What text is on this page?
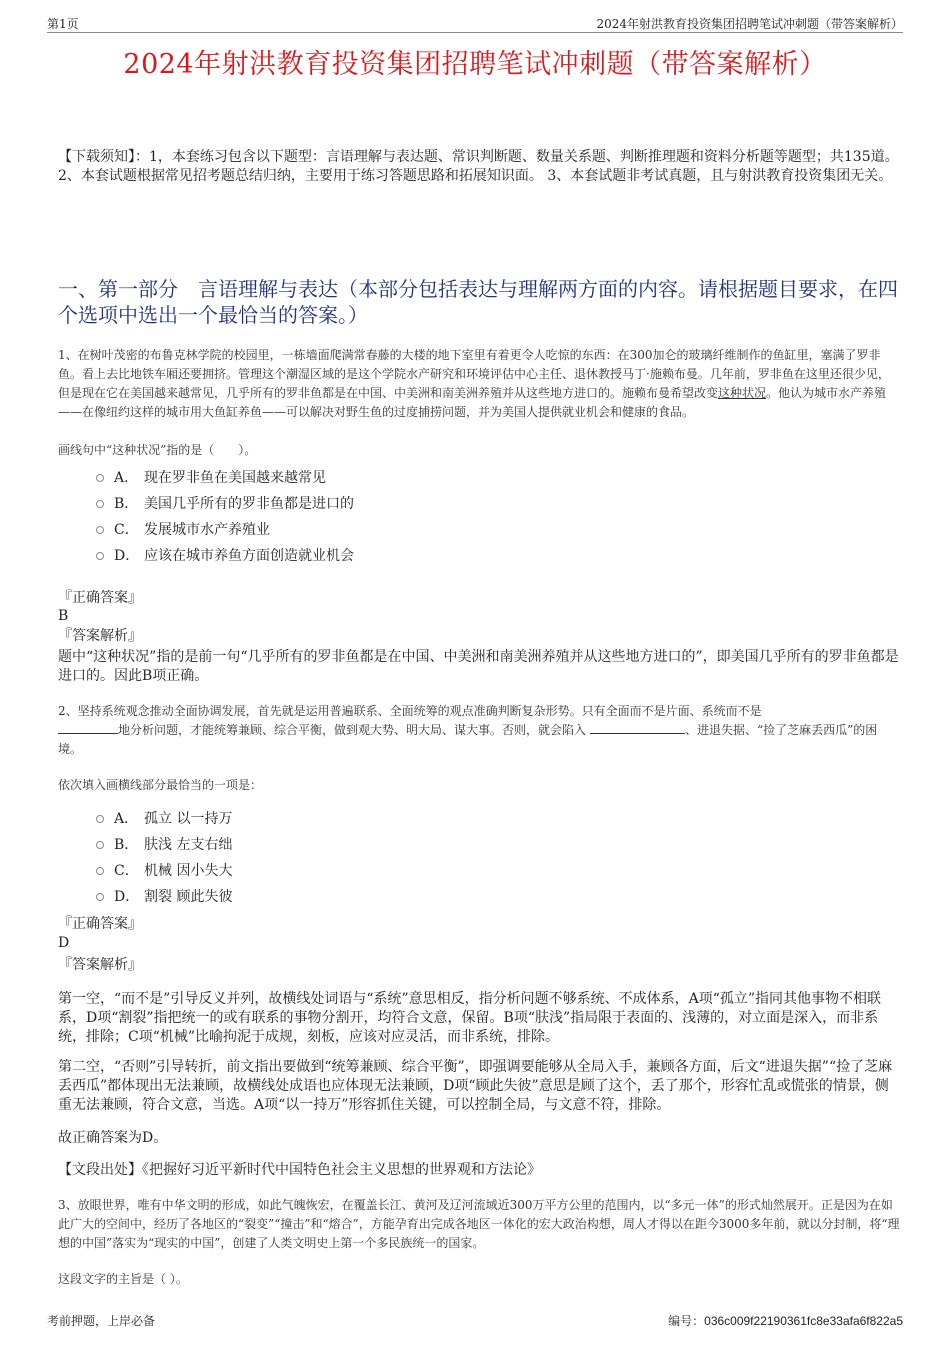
第1页	2024年射洪教育投资集团招聘笔试冲刺题（带答案解析）
2024年射洪教育投资集团招聘笔试冲刺题（带答案解析）
【下载须知】：1，本套练习包含以下题型：言语理解与表达题、常识判断题、数量关系题、判断推理题和资料分析题等题型；共135道。 2、本套试题根据常见招考题总结归纳，主要用于练习答题思路和拓展知识面。 3、本套试题非考试真题，且与射洪教育投资集团无关。
一、第一部分 言语理解与表达（本部分包括表达与理解两方面的内容。请根据题目要求，在四个选项中选出一个最恰当的答案。）
1、在树叶茂密的布鲁克林学院的校园里，一栋墙面爬满常春藤的大楼的地下室里有着更令人吃惊的东西：在300加仑的玻璃纤维制作的鱼缸里，塞满了罗非鱼。看上去比地铁车厢还要拥挤。管理这个潮湿区域的是这个学院水产研究和环境评估中心主任、退休教授马丁·施赖布曼。几年前，罗非鱼在这里还很少见，但是现在它在美国越来越常见，几乎所有的罗非鱼都是在中国、中美洲和南美洲养殖并从这些地方进口的。施赖布曼希望改变这种状况。他认为城市水产养殖——在像纽约这样的城市用大鱼缸养鱼——可以解决对野生鱼的过度捕捞问题，并为美国人提供就业机会和健康的食品。
画线句中“这种状况”指的是（　　）。
A． 现在罗非鱼在美国越来越常见
B． 美国几乎所有的罗非鱼都是进口的
C． 发展城市水产养殖业
D． 应该在城市养鱼方面创造就业机会
『正确答案』
B
『答案解析』
题中“这种状况”指的是前一句“几乎所有的罗非鱼都是在中国、中美洲和南美洲养殖并从这些地方进口的”，即美国几乎所有的罗非鱼都是进口的。因此B项正确。
2、坚持系统观念推动全面协调发展，首先就是运用普遍联系、全面统筹的观点准确判断复杂形势。只有全面而不是片面、系统而不是
地分析问题，才能统筹兼顾、综合平衡，做到观大势、明大局、谋大事。否则，就会陷入	、进退失据、“捡了芝麻丢西瓜”的困境。
依次填入画横线部分最恰当的一项是：
A． 孤立 以一持万
B． 肤浅 左支右绌
C． 机械 因小失大
D． 割裂 顾此失彼
『正确答案』
D
『答案解析』
第一空，“而不是”引导反义并列，故横线处词语与“系统”意思相反，指分析问题不够系统、不成体系，A项“孤立”指同其他事物不相联系，D项“割裂”指把统一的或有联系的事物分割开，均符合文意，保留。B项“肤浅”指局限于表面的、浅薄的，对立面是深入，而非系统，排除；C项“机械”比喻拘泥于成规，刻板，应该对应灵活，而非系统，排除。
第二空，“否则”引导转折，前文指出要做到“统筹兼顾、综合平衡”，即强调要能够从全局入手，兼顾各方面，后文“进退失据”“捡了芝麻丢西瓜”都体现出无法兼顾，故横线处成语也应体现无法兼顾，D项“顾此失彼”意思是顾了这个，丢了那个，形容忙乱或慌张的情景，侧重无法兼顾，符合文意，当选。A项“以一持万”形容抓住关键，可以控制全局，与文意不符，排除。
故正确答案为D。
【文段出处】《把握好习近平新时代中国特色社会主义思想的世界观和方法论》
3、放眼世界，唯有中华文明的形成，如此气魄恢宏，在覆盖长江、黄河及辽河流域近300万平方公里的范围内，以“多元一体”的形式灿然展开。正是因为在如此广大的空间中，经历了各地区的“裂变”“撞击”和“熔合”，方能孕育出完成各地区一体化的宏大政治构想，周人才得以在距今3000多年前，就以分封制，将“理想的中国”落实为“现实的中国”，创建了人类文明史上第一个多民族统一的国家。
这段文字的主旨是（ ）。
考前押题，上岸必备	编号：036c009f22190361fc8e33afa6f822a5
